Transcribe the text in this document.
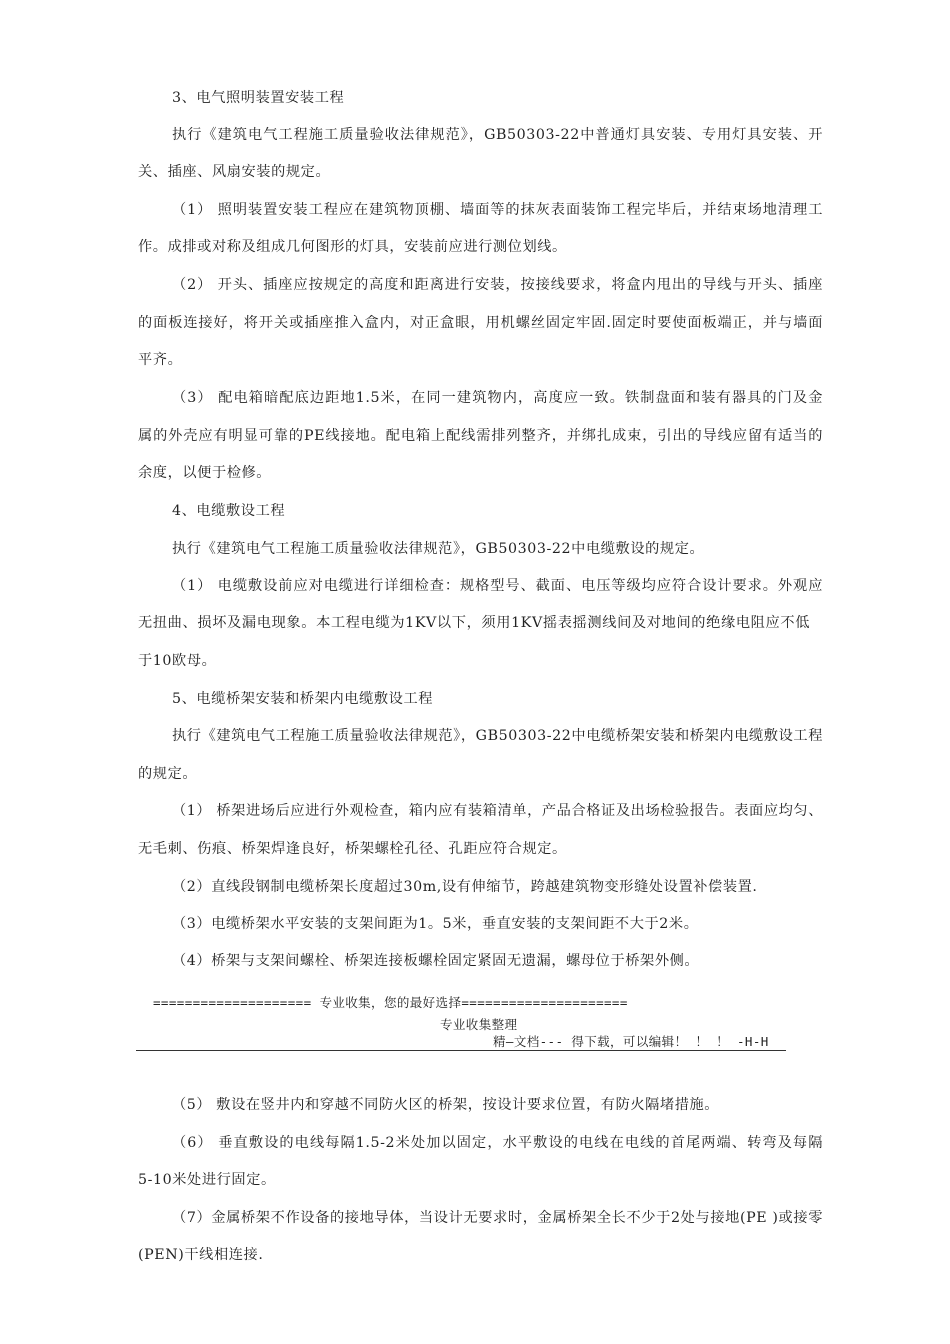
3、电气照明装置安装工程
执行《建筑电气工程施工质量验收法律规范》，GB50303-22中普通灯具安装、专用灯具安装、开
关、插座、风扇安装的规定。
（1） 照明装置安装工程应在建筑物顶棚、墙面等的抹灰表面装饰工程完毕后，并结束场地清理工
作。成排或对称及组成几何图形的灯具，安装前应进行测位划线。
（2） 开头、插座应按规定的高度和距离进行安装，按接线要求，将盒内甩出的导线与开头、插座
的面板连接好，将开关或插座推入盒内，对正盒眼，用机螺丝固定牢固.固定时要使面板端正，并与墙面
平齐。
（3） 配电箱暗配底边距地1.5米，在同一建筑物内，高度应一致。铁制盘面和装有器具的门及金
属的外壳应有明显可靠的PE线接地。配电箱上配线需排列整齐，并绑扎成束，引出的导线应留有适当的
余度，以便于检修。
4、电缆敷设工程
执行《建筑电气工程施工质量验收法律规范》，GB50303-22中电缆敷设的规定。
（1） 电缆敷设前应对电缆进行详细检查：规格型号、截面、电压等级均应符合设计要求。外观应
无扭曲、损坏及漏电现象。本工程电缆为1KV以下，须用1KV摇表摇测线间及对地间的绝缘电阻应不低
于10欧母。
5、电缆桥架安装和桥架内电缆敷设工程
执行《建筑电气工程施工质量验收法律规范》，GB50303-22中电缆桥架安装和桥架内电缆敷设工程
的规定。
（1） 桥架进场后应进行外观检查，箱内应有装箱清单，产品合格证及出场检验报告。表面应均匀、
无毛刺、伤痕、桥架焊逢良好，桥架螺栓孔径、孔距应符合规定。
（2）直线段钢制电缆桥架长度超过30m,设有伸缩节，跨越建筑物变形缝处设置补偿装置.
（3）电缆桥架水平安装的支架间距为1。5米，垂直安装的支架间距不大于2米。
（4）桥架与支架间螺栓、桥架连接板螺栓固定紧固无遗漏，螺母位于桥架外侧。
==================== 专业收集，您的最好选择=====================
专业收集整理
精—文档--- 得下载，可以编辑！ ！ ！ -H-H
（5） 敷设在竖井内和穿越不同防火区的桥架，按设计要求位置，有防火隔堵措施。
（6） 垂直敷设的电线每隔1.5-2米处加以固定，水平敷设的电线在电线的首尾两端、转弯及每隔
5-10米处进行固定。
（7）金属桥架不作设备的接地导体，当设计无要求时，金属桥架全长不少于2处与接地(PE )或接零
(PEN)干线相连接.
